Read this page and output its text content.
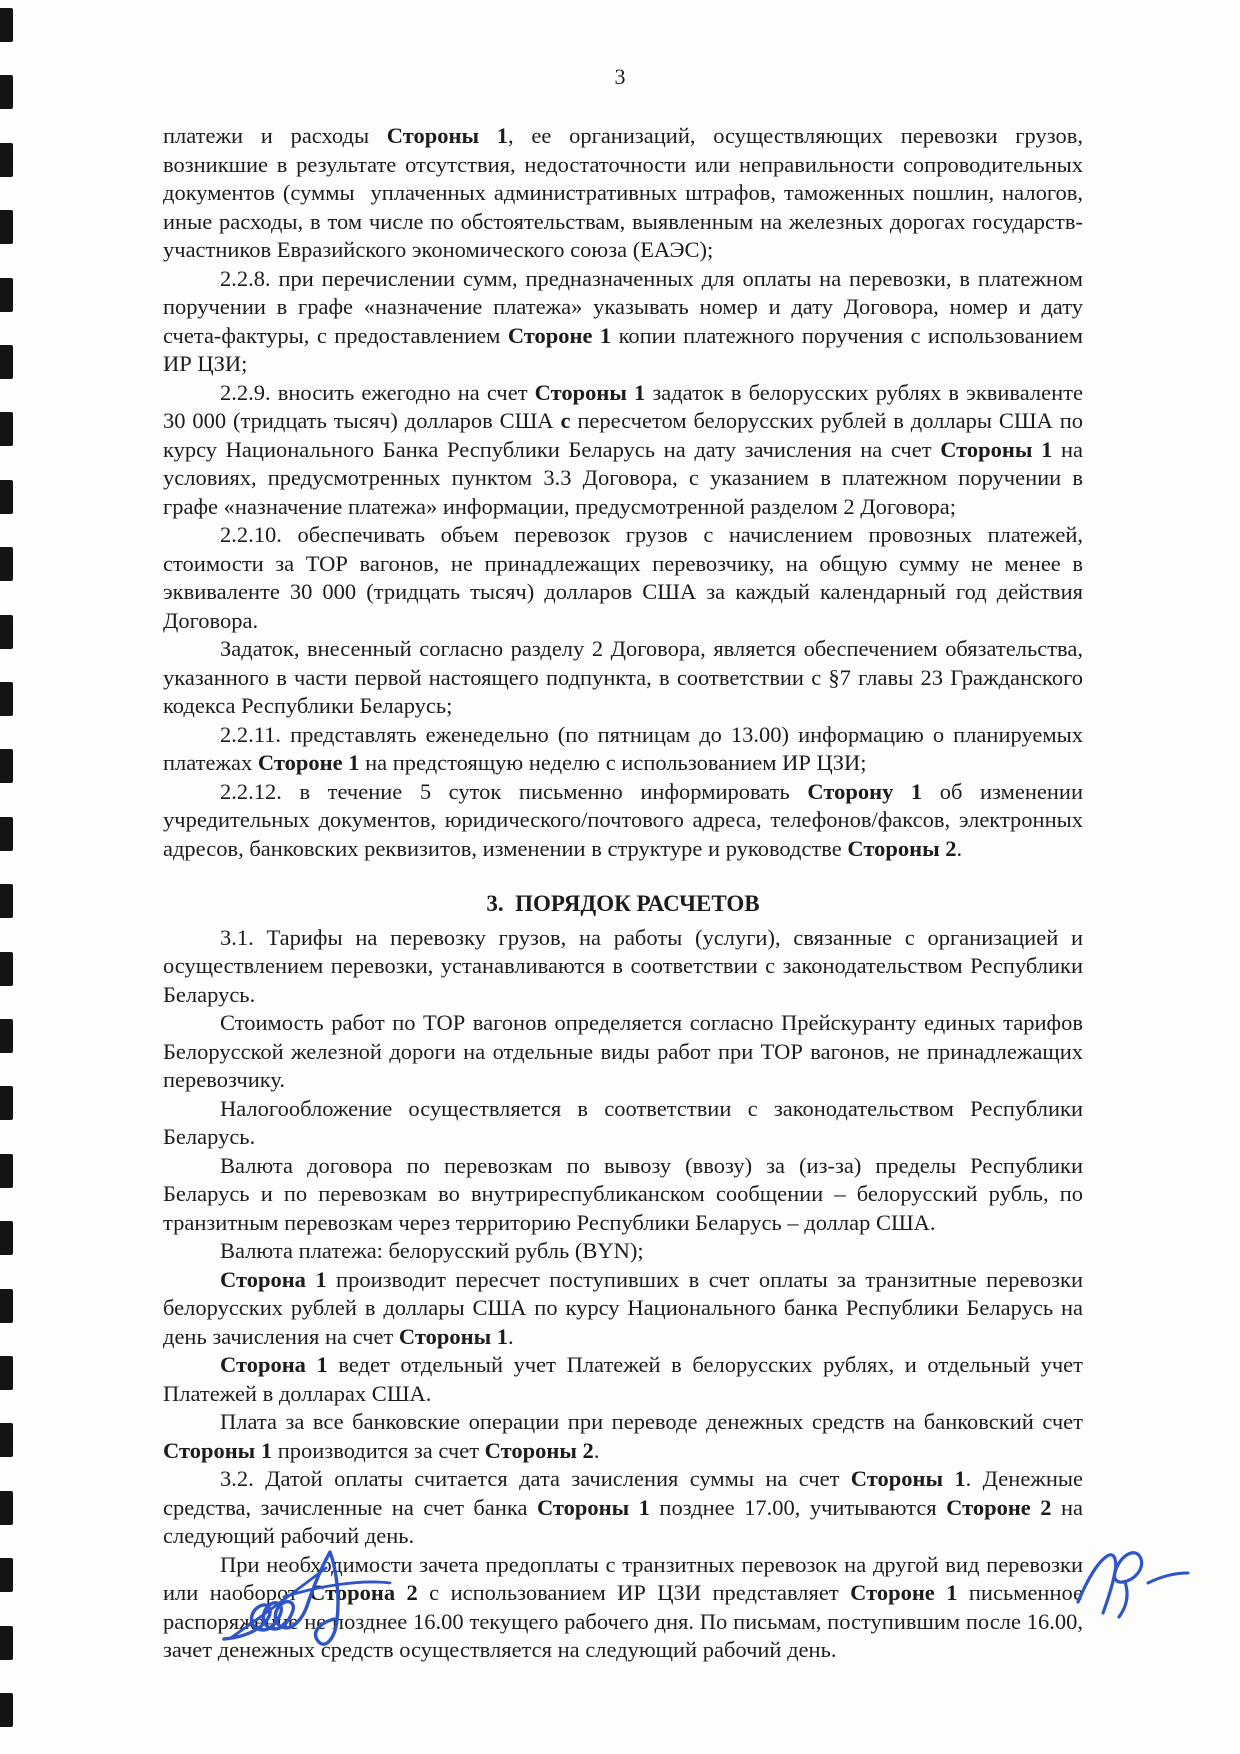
3

платежи и расходы Стороны 1, ее организаций, осуществляющих перевозки грузов, возникшие в результате отсутствия, недостаточности или неправильности сопроводительных документов (суммы  уплаченных административных штрафов, таможенных пошлин, налогов, иные расходы, в том числе по обстоятельствам, выявленным на железных дорогах государств-участников Евразийского экономического союза (ЕАЭС);

2.2.8. при перечислении сумм, предназначенных для оплаты на перевозки, в платежном поручении в графе «назначение платежа» указывать номер и дату Договора, номер и дату счета-фактуры, с предоставлением Стороне 1 копии платежного поручения с использованием ИР ЦЗИ;

2.2.9. вносить ежегодно на счет Стороны 1 задаток в белорусских рублях в эквиваленте 30 000 (тридцать тысяч) долларов США с пересчетом белорусских рублей в доллары США по курсу Национального Банка Республики Беларусь на дату зачисления на счет Стороны 1 на условиях, предусмотренных пунктом 3.3 Договора, с указанием в платежном поручении в графе «назначение платежа» информации, предусмотренной разделом 2 Договора;

2.2.10. обеспечивать объем перевозок грузов с начислением провозных платежей, стоимости за ТОР вагонов, не принадлежащих перевозчику, на общую сумму не менее в эквиваленте 30 000 (тридцать тысяч) долларов США за каждый календарный год действия Договора.

Задаток, внесенный согласно разделу 2 Договора, является обеспечением обязательства, указанного в части первой настоящего подпункта, в соответствии с §7 главы 23 Гражданского кодекса Республики Беларусь;

2.2.11. представлять еженедельно (по пятницам до 13.00) информацию о планируемых платежах Стороне 1 на предстоящую неделю с использованием ИР ЦЗИ;

2.2.12. в течение 5 суток письменно информировать Сторону 1 об изменении учредительных документов, юридического/почтового адреса, телефонов/факсов, электронных адресов, банковских реквизитов, изменении в структуре и руководстве Стороны 2.

3.  ПОРЯДОК РАСЧЕТОВ

3.1. Тарифы на перевозку грузов, на работы (услуги), связанные с организацией и осуществлением перевозки, устанавливаются в соответствии с законодательством Республики Беларусь.

Стоимость работ по ТОР вагонов определяется согласно Прейскуранту единых тарифов Белорусской железной дороги на отдельные виды работ при ТОР вагонов, не принадлежащих перевозчику.

Налогообложение осуществляется в соответствии с законодательством Республики Беларусь.

Валюта договора по перевозкам по вывозу (ввозу) за (из-за) пределы Республики Беларусь и по перевозкам во внутриреспубликанском сообщении – белорусский рубль, по транзитным перевозкам через территорию Республики Беларусь – доллар США.

Валюта платежа: белорусский рубль (BYN);

Сторона 1 производит пересчет поступивших в счет оплаты за транзитные перевозки белорусских рублей в доллары США по курсу Национального банка Республики Беларусь на день зачисления на счет Стороны 1.

Сторона 1 ведет отдельный учет Платежей в белорусских рублях, и отдельный учет Платежей в долларах США.

Плата за все банковские операции при переводе денежных средств на банковский счет Стороны 1 производится за счет Стороны 2.

3.2. Датой оплаты считается дата зачисления суммы на счет Стороны 1. Денежные средства, зачисленные на счет банка Стороны 1 позднее 17.00, учитываются Стороне 2 на следующий рабочий день.

При необходимости зачета предоплаты с транзитных перевозок на другой вид перевозки или наоборот Сторона 2 с использованием ИР ЦЗИ представляет Стороне 1 письменное распоряжение не позднее 16.00 текущего рабочего дня. По письмам, поступившим после 16.00, зачет денежных средств осуществляется на следующий рабочий день.
